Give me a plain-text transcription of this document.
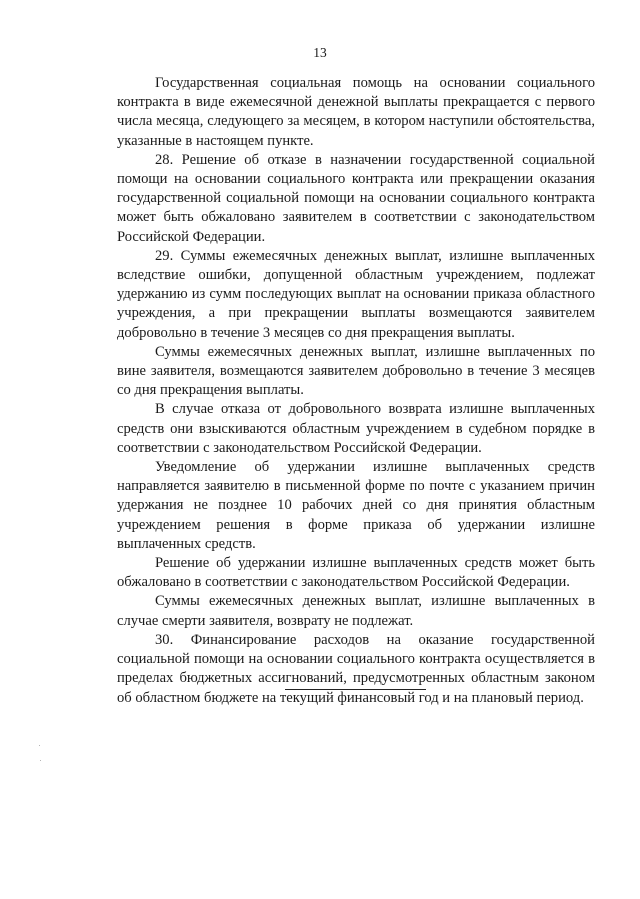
13

Государственная социальная помощь на основании социального контракта в виде ежемесячной денежной выплаты прекращается с первого числа месяца, следующего за месяцем, в котором наступили обстоятельства, указанные в настоящем пункте.

28. Решение об отказе в назначении государственной социальной помощи на основании социального контракта или прекращении оказания государственной социальной помощи на основании социального контракта может быть обжаловано заявителем в соответствии с законодательством Российской Федерации.

29. Суммы ежемесячных денежных выплат, излишне выплаченных вследствие ошибки, допущенной областным учреждением, подлежат удержанию из сумм последующих выплат на основании приказа областного учреждения, а при прекращении выплаты возмещаются заявителем добровольно в течение 3 месяцев со дня прекращения выплаты.

Суммы ежемесячных денежных выплат, излишне выплаченных по вине заявителя, возмещаются заявителем добровольно в течение 3 месяцев со дня прекращения выплаты.

В случае отказа от добровольного возврата излишне выплаченных средств они взыскиваются областным учреждением в судебном порядке в соответствии с законодательством Российской Федерации.

Уведомление об удержании излишне выплаченных средств направляется заявителю в письменной форме по почте с указанием причин удержания не позднее 10 рабочих дней со дня принятия областным учреждением решения в форме приказа об удержании излишне выплаченных средств.

Решение об удержании излишне выплаченных средств может быть обжаловано в соответствии с законодательством Российской Федерации.

Суммы ежемесячных денежных выплат, излишне выплаченных в случае смерти заявителя, возврату не подлежат.

30. Финансирование расходов на оказание государственной социальной помощи на основании социального контракта осуществляется в пределах бюджетных ассигнований, предусмотренных областным законом об областном бюджете на текущий финансовый год и на плановый период.
